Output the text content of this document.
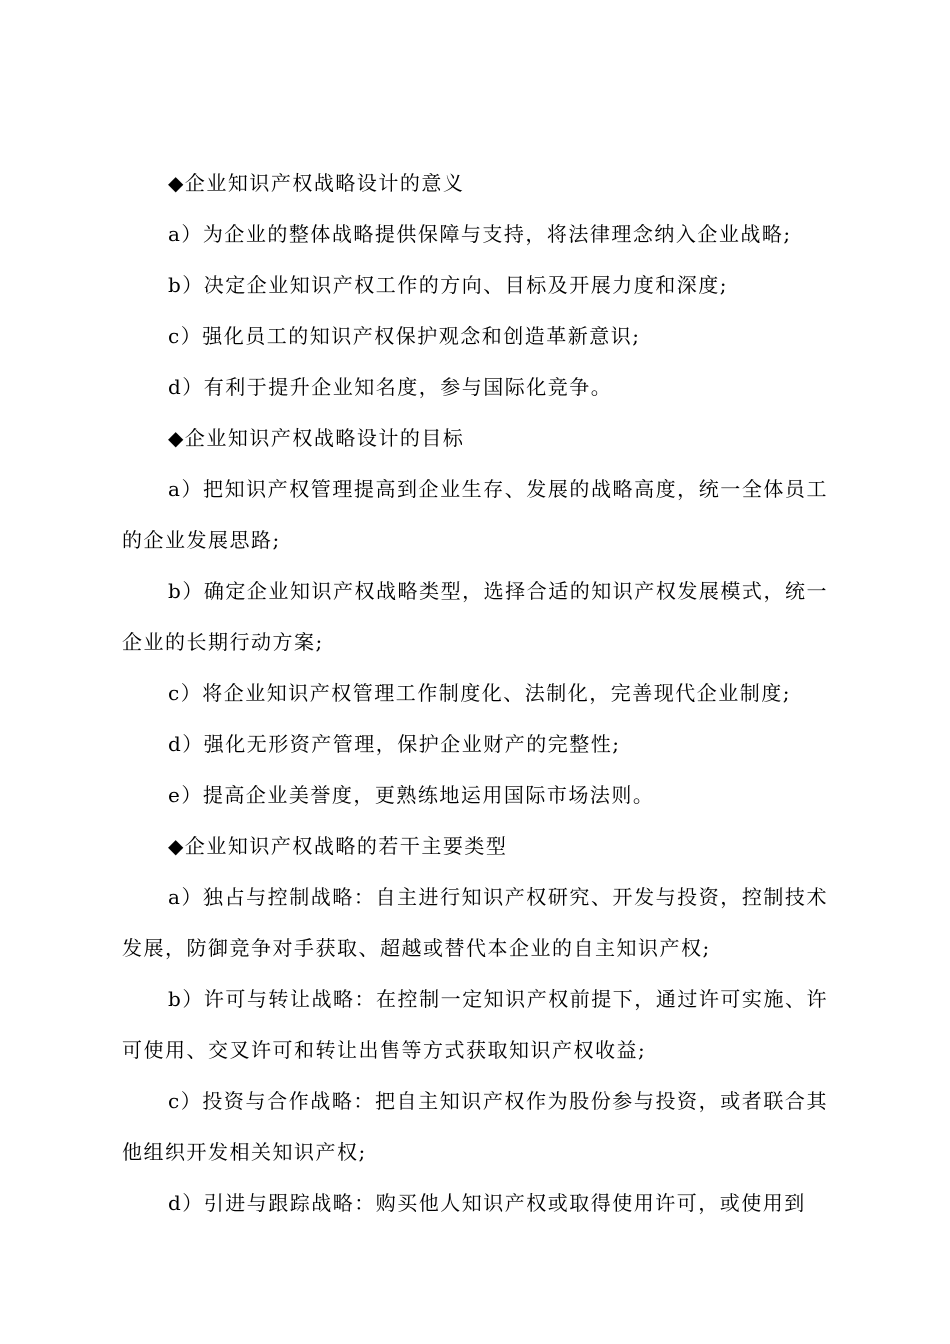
◆企业知识产权战略设计的意义

a）为企业的整体战略提供保障与支持，将法律理念纳入企业战略;

b）决定企业知识产权工作的方向、目标及开展力度和深度;

c）强化员工的知识产权保护观念和创造革新意识;

d）有利于提升企业知名度，参与国际化竞争。

◆企业知识产权战略设计的目标

a）把知识产权管理提高到企业生存、发展的战略高度，统一全体员工的企业发展思路;

b）确定企业知识产权战略类型，选择合适的知识产权发展模式，统一企业的长期行动方案;

c）将企业知识产权管理工作制度化、法制化，完善现代企业制度;

d）强化无形资产管理，保护企业财产的完整性;

e）提高企业美誉度，更熟练地运用国际市场法则。

◆企业知识产权战略的若干主要类型

a）独占与控制战略：自主进行知识产权研究、开发与投资，控制技术发展，防御竞争对手获取、超越或替代本企业的自主知识产权;

b）许可与转让战略：在控制一定知识产权前提下，通过许可实施、许可使用、交叉许可和转让出售等方式获取知识产权收益;

c）投资与合作战略：把自主知识产权作为股份参与投资，或者联合其他组织开发相关知识产权;

d）引进与跟踪战略：购买他人知识产权或取得使用许可，或使用到
